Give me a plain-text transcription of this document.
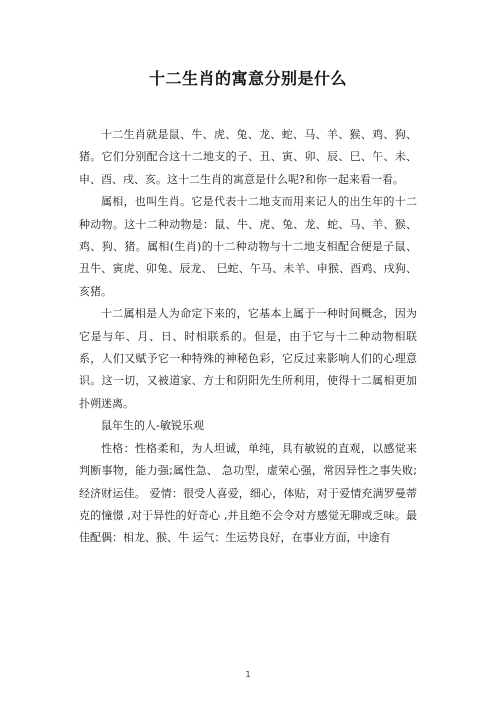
十二生肖的寓意分别是什么

十二生肖就是鼠、牛、虎、兔、龙、蛇、马、羊、猴、鸡、狗、猪。它们分别配合这十二地支的子、丑、寅、卯、辰、巳、午、未、申、酉、戌、亥。这十二生肖的寓意是什么呢?和你一起来看一看。

属相，也叫生肖。它是代表十二地支而用来记人的出生年的十二种动物。这十二种动物是：鼠、牛、虎、兔、龙、蛇、马、羊、猴、鸡、狗、猪。属相(生肖)的十二种动物与十二地支相配合便是子鼠、丑牛、寅虎、卯兔、辰龙、 巳蛇、午马、未羊、申猴、酉鸡、戌狗、亥猪。

十二属相是人为命定下来的，它基本上属于一种时间概念，因为它是与年、月、日、时相联系的。但是，由于它与十二种动物相联系，人们又赋予它一种特殊的神秘色彩，它反过来影响人们的心理意识。这一切，又被道家、方士和阴阳先生所利用，使得十二属相更加扑朔迷离。

鼠年生的人-敏锐乐观

性格：性格柔和，为人坦诚，单纯，具有敏锐的直观，以感觉来判断事物，能力强;属性急、 急功型，虚荣心强，常因异性之事失败;经济财运佳。 爱情：很受人喜爱，细心，体贴，对于爱情充满罗曼蒂克的憧憬 ,对于异性的好奇心 ,并且绝不会令对方感觉无聊或乏味。最佳配偶：相龙、猴、牛 运气：生运势良好，在事业方面，中途有

1
